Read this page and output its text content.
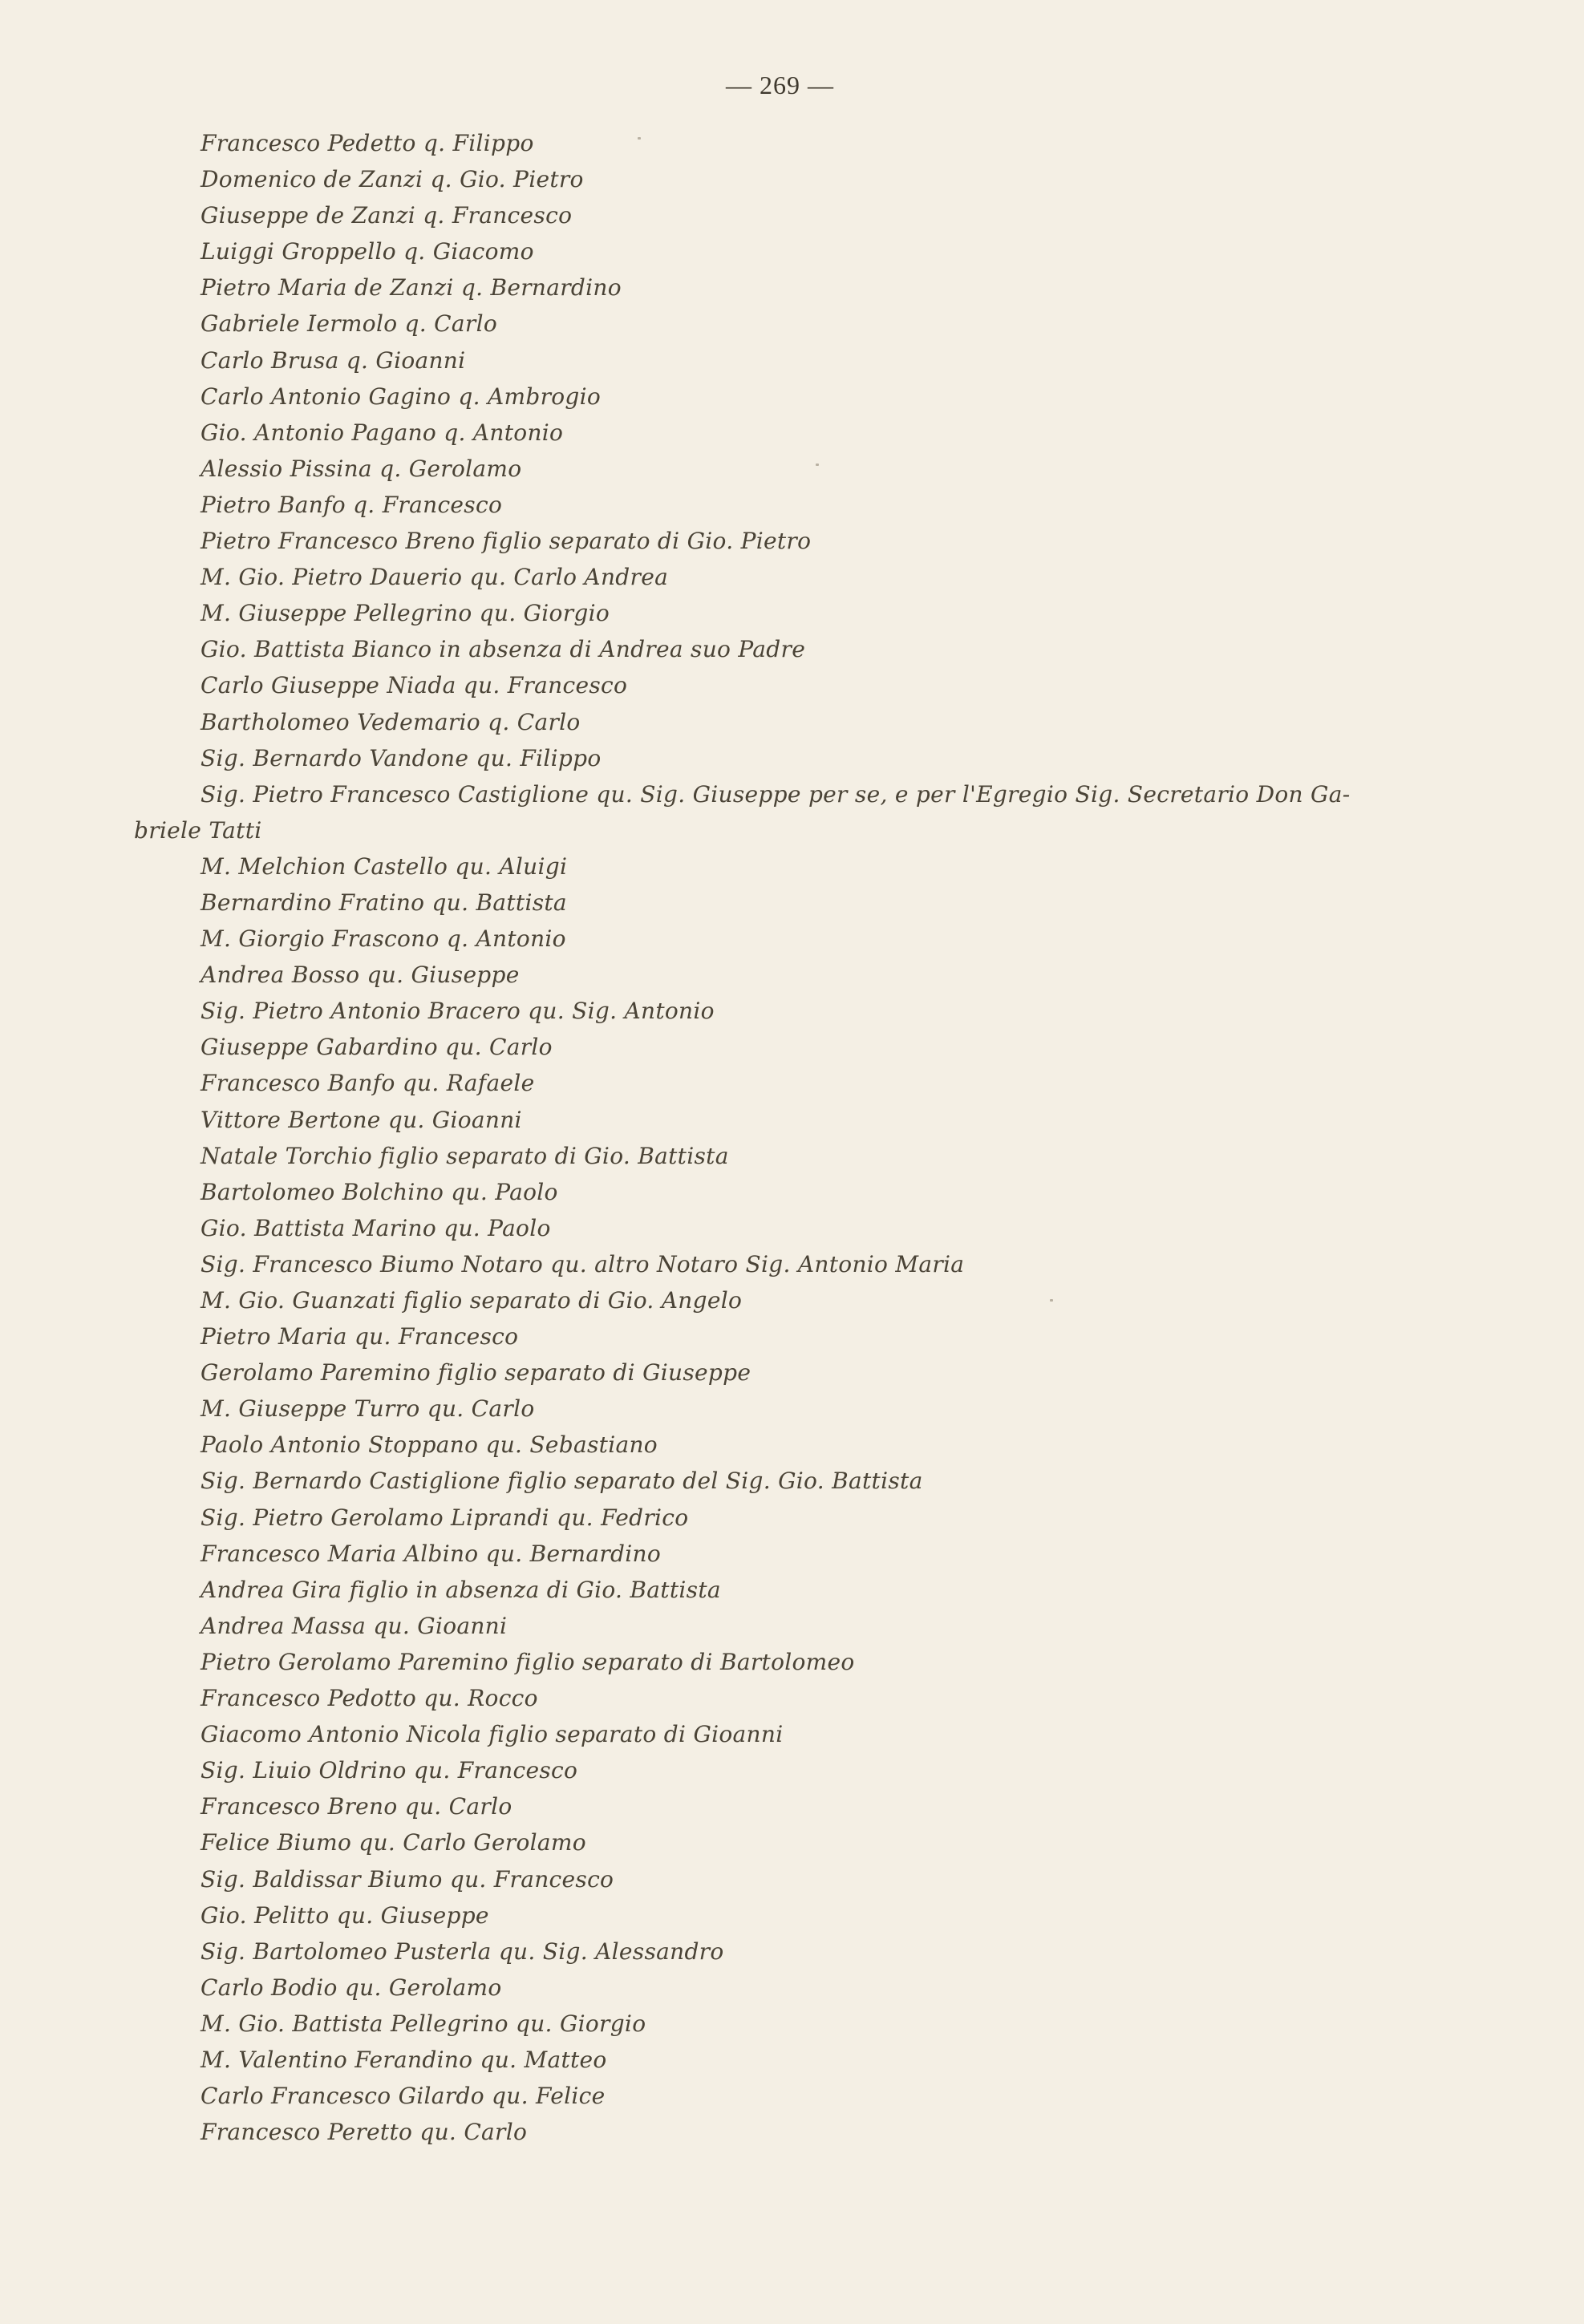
— 269 —
Francesco Pedetto q. Filippo
Domenico de Zanzi q. Gio. Pietro
Giuseppe de Zanzi q. Francesco
Luiggi Groppello q. Giacomo
Pietro Maria de Zanzi q. Bernardino
Gabriele Iermolo q. Carlo
Carlo Brusa q. Gioanni
Carlo Antonio Gagino q. Ambrogio
Gio. Antonio Pagano q. Antonio
Alessio Pissina q. Gerolamo
Pietro Banfo q. Francesco
Pietro Francesco Breno figlio separato di Gio. Pietro
M. Gio. Pietro Dauerio qu. Carlo Andrea
M. Giuseppe Pellegrino qu. Giorgio
Gio. Battista Bianco in absenza di Andrea suo Padre
Carlo Giuseppe Niada qu. Francesco
Bartholomeo Vedemario q. Carlo
Sig. Bernardo Vandone qu. Filippo
Sig. Pietro Francesco Castiglione qu. Sig. Giuseppe per se, e per l'Egregio Sig. Secretario Don Ga-
briele Tatti
M. Melchion Castello qu. Aluigi
Bernardino Fratino qu. Battista
M. Giorgio Frascono q. Antonio
Andrea Bosso qu. Giuseppe
Sig. Pietro Antonio Bracero qu. Sig. Antonio
Giuseppe Gabardino qu. Carlo
Francesco Banfo qu. Rafaele
Vittore Bertone qu. Gioanni
Natale Torchio figlio separato di Gio. Battista
Bartolomeo Bolchino qu. Paolo
Gio. Battista Marino qu. Paolo
Sig. Francesco Biumo Notaro qu. altro Notaro Sig. Antonio Maria
M. Gio. Guanzati figlio separato di Gio. Angelo
Pietro Maria qu. Francesco
Gerolamo Paremino figlio separato di Giuseppe
M. Giuseppe Turro qu. Carlo
Paolo Antonio Stoppano qu. Sebastiano
Sig. Bernardo Castiglione figlio separato del Sig. Gio. Battista
Sig. Pietro Gerolamo Liprandi qu. Fedrico
Francesco Maria Albino qu. Bernardino
Andrea Gira figlio in absenza di Gio. Battista
Andrea Massa qu. Gioanni
Pietro Gerolamo Paremino figlio separato di Bartolomeo
Francesco Pedotto qu. Rocco
Giacomo Antonio Nicola figlio separato di Gioanni
Sig. Liuio Oldrino qu. Francesco
Francesco Breno qu. Carlo
Felice Biumo qu. Carlo Gerolamo
Sig. Baldissar Biumo qu. Francesco
Gio. Pelitto qu. Giuseppe
Sig. Bartolomeo Pusterla qu. Sig. Alessandro
Carlo Bodio qu. Gerolamo
M. Gio. Battista Pellegrino qu. Giorgio
M. Valentino Ferandino qu. Matteo
Carlo Francesco Gilardo qu. Felice
Francesco Peretto qu. Carlo
